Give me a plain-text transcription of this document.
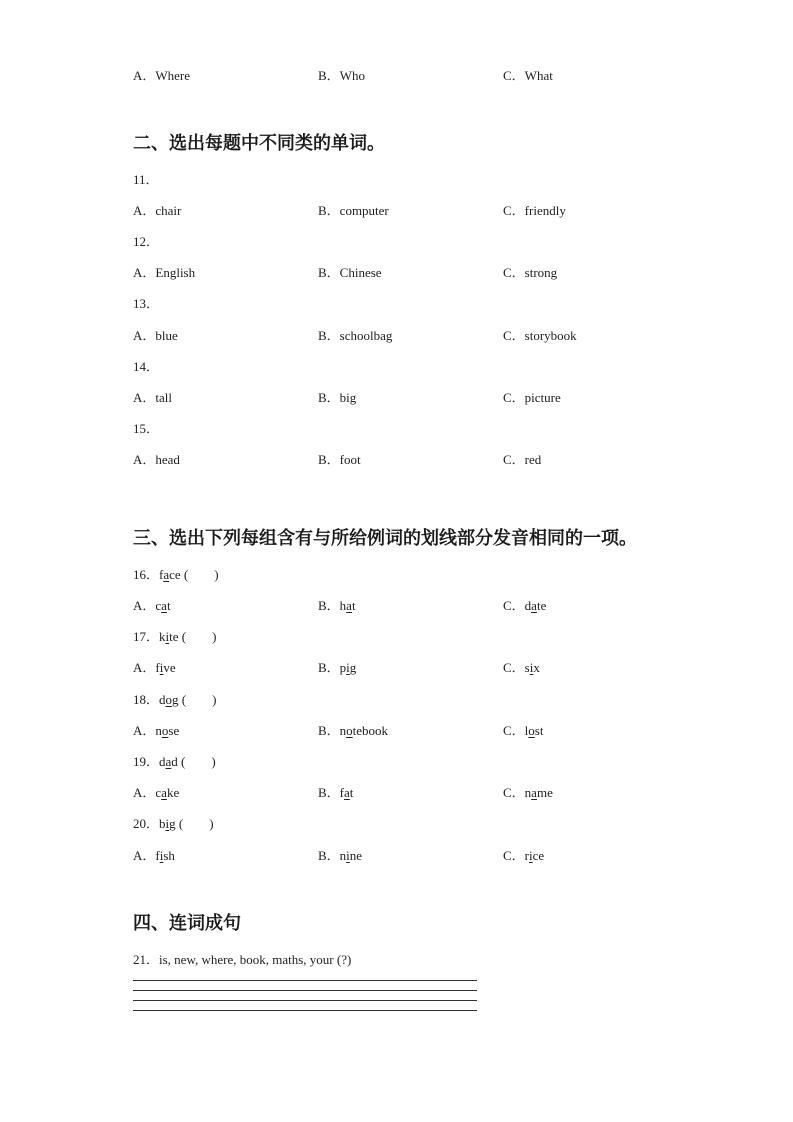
A．Where	B．Who	C．What
二、选出每题中不同类的单词。
11．
A．chair	B．computer	C．friendly
12．
A．English	B．Chinese	C．strong
13．
A．blue	B．schoolbag	C．storybook
14．
A．tall	B．big	C．picture
15．
A．head	B．foot	C．red
三、选出下列每组含有与所给例词的划线部分发音相同的一项。
16．face (　　)
A．cat	B．hat	C．date
17．kite (　　)
A．five	B．pig	C．six
18．dog (　　)
A．nose	B．notebook	C．lost
19．dad (　　)
A．cake	B．fat	C．name
20．big (　　)
A．fish	B．nine	C．rice
四、连词成句
21．is, new, where, book, maths, your (?)
